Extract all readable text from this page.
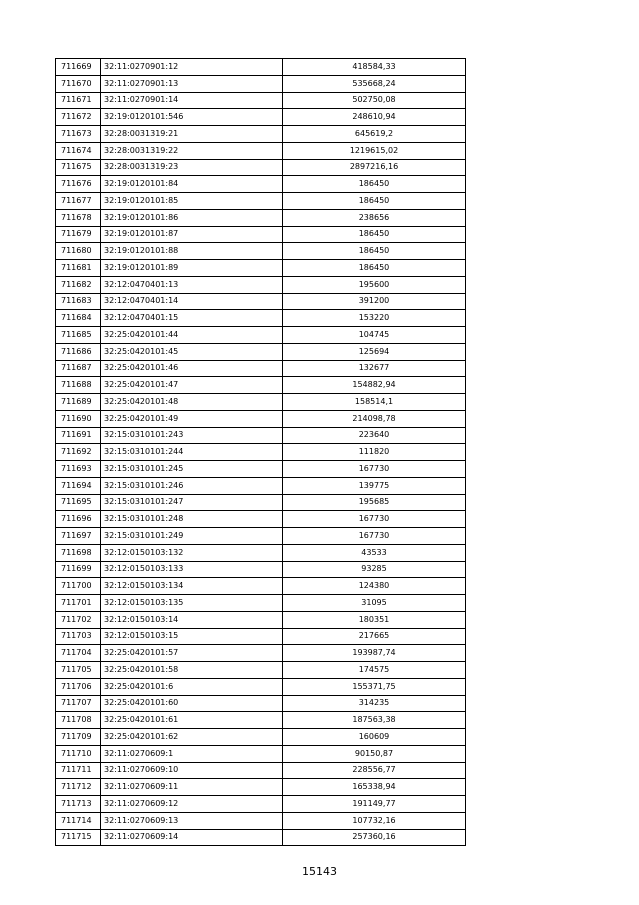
711669	32:11:0270901:12	418584,33
711670	32:11:0270901:13	535668,24
711671	32:11:0270901:14	502750,08
711672	32:19:0120101:546	248610,94
711673	32:28:0031319:21	645619,2
711674	32:28:0031319:22	1219615,02
711675	32:28:0031319:23	2897216,16
711676	32:19:0120101:84	186450
711677	32:19:0120101:85	186450
711678	32:19:0120101:86	238656
711679	32:19:0120101:87	186450
711680	32:19:0120101:88	186450
711681	32:19:0120101:89	186450
711682	32:12:0470401:13	195600
711683	32:12:0470401:14	391200
711684	32:12:0470401:15	153220
711685	32:25:0420101:44	104745
711686	32:25:0420101:45	125694
711687	32:25:0420101:46	132677
711688	32:25:0420101:47	154882,94
711689	32:25:0420101:48	158514,1
711690	32:25:0420101:49	214098,78
711691	32:15:0310101:243	223640
711692	32:15:0310101:244	111820
711693	32:15:0310101:245	167730
711694	32:15:0310101:246	139775
711695	32:15:0310101:247	195685
711696	32:15:0310101:248	167730
711697	32:15:0310101:249	167730
711698	32:12:0150103:132	43533
711699	32:12:0150103:133	93285
711700	32:12:0150103:134	124380
711701	32:12:0150103:135	31095
711702	32:12:0150103:14	180351
711703	32:12:0150103:15	217665
711704	32:25:0420101:57	193987,74
711705	32:25:0420101:58	174575
711706	32:25:0420101:6	155371,75
711707	32:25:0420101:60	314235
711708	32:25:0420101:61	187563,38
711709	32:25:0420101:62	160609
711710	32:11:0270609:1	90150,87
711711	32:11:0270609:10	228556,77
711712	32:11:0270609:11	165338,94
711713	32:11:0270609:12	191149,77
711714	32:11:0270609:13	107732,16
711715	32:11:0270609:14	257360,16
15143
